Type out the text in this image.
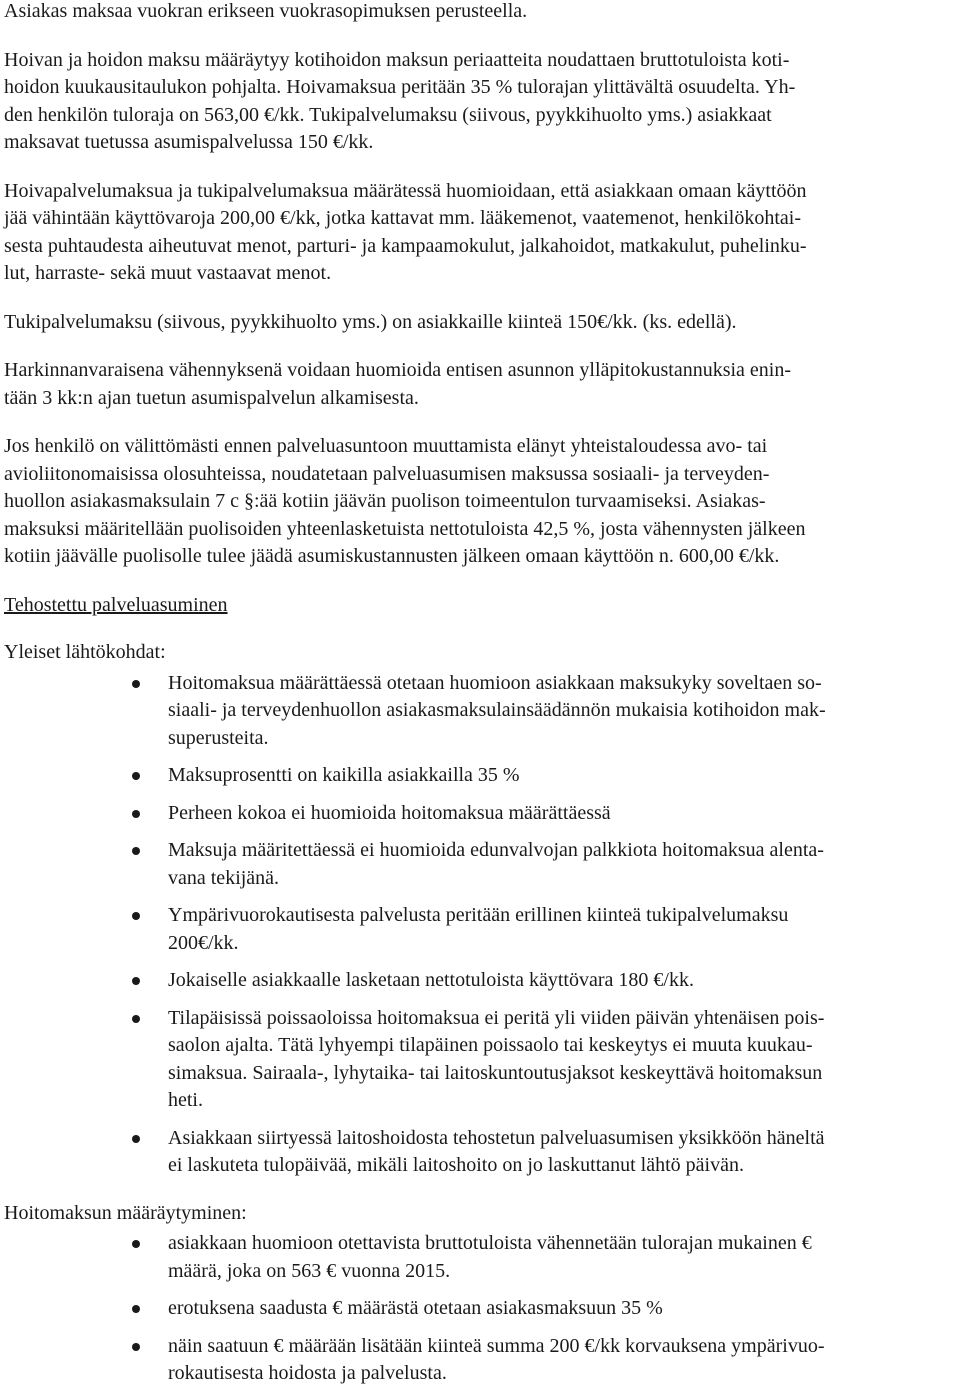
Asiakas maksaa vuokran erikseen vuokrasopimuksen perusteella.

Hoivan ja hoidon maksu määräytyy kotihoidon maksun periaatteita noudattaen bruttotuloista koti-
hoidon kuukausitaulukon pohjalta. Hoivamaksua peritään 35 % tulorajan ylittävältä osuudelta. Yh-
den henkilön tuloraja on 563,00 €/kk. Tukipalvelumaksu (siivous, pyykkihuolto yms.) asiakkaat
maksavat tuetussa asumispalvelussa 150 €/kk.

Hoivapalvelumaksua ja tukipalvelumaksua määrätessä huomioidaan, että asiakkaan omaan käyttöön
jää vähintään käyttövaroja 200,00 €/kk, jotka kattavat mm. lääkemenot, vaatemenot, henkilökohtai-
sesta puhtaudesta aiheutuvat menot, parturi- ja kampaamokulut, jalkahoidot, matkakulut, puhelinku-
lut, harraste- sekä muut vastaavat menot.

Tukipalvelumaksu (siivous, pyykkihuolto yms.) on asiakkaille kiinteä 150€/kk. (ks. edellä).

Harkinnanvaraisena vähennyksenä voidaan huomioida entisen asunnon ylläpitokustannuksia enin-
tään 3 kk:n ajan tuetun asumispalvelun alkamisesta.

Jos henkilö on välittömästi ennen palveluasuntoon muuttamista elänyt yhteistaloudessa avo- tai
avioliitonomaisissa olosuhteissa, noudatetaan palveluasumisen maksussa sosiaali- ja terveyden-
huollon asiakasmaksulain 7 c §:ää kotiin jäävän puolison toimeentulon turvaamiseksi. Asiakas-
maksuksi määritellään puolisoiden yhteenlasketuista nettotuloista 42,5 %, josta vähennysten jälkeen
kotiin jäävälle puolisolle tulee jäädä asumiskustannusten jälkeen omaan käyttöön n. 600,00 €/kk.

Tehostettu palveluasuminen

Yleiset lähtökohdat:

Hoitomaksua määrättäessä otetaan huomioon asiakkaan maksukyky soveltaen so-
siaali- ja terveydenhuollon asiakasmaksulainsäädännön mukaisia kotihoidon mak-
superusteita.
Maksuprosentti on kaikilla asiakkailla 35 %
Perheen kokoa ei huomioida hoitomaksua määrättäessä
Maksuja määritettäessä ei huomioida edunvalvojan palkkiota hoitomaksua alenta-
vana tekijänä.
Ympärivuorokautisesta palvelusta peritään erillinen kiinteä tukipalvelumaksu
200€/kk.
Jokaiselle asiakkaalle lasketaan nettotuloista käyttövara 180 €/kk.
Tilapäisissä poissaoloissa hoitomaksua ei peritä yli viiden päivän yhtenäisen pois-
saolon ajalta. Tätä lyhyempi tilapäinen poissaolo tai keskeytys ei muuta kuukau-
simaksua. Sairaala-, lyhytaika- tai laitoskuntoutusjaksot keskeyttävä hoitomaksun
heti.
Asiakkaan siirtyessä laitoshoidosta tehostetun palveluasumisen yksikköön häneltä
ei laskuteta tulopäivää, mikäli laitoshoito on jo laskuttanut lähtö päivän.

Hoitomaksun määräytyminen:

asiakkaan huomioon otettavista bruttotuloista vähennetään tulorajan mukainen €
määrä, joka on 563 € vuonna 2015.
erotuksena saadusta € määrästä otetaan asiakasmaksuun 35 %
näin saatuun € määrään lisätään kiinteä summa 200 €/kk korvauksena ympärivuo-
rokautisesta hoidosta ja palvelusta.
